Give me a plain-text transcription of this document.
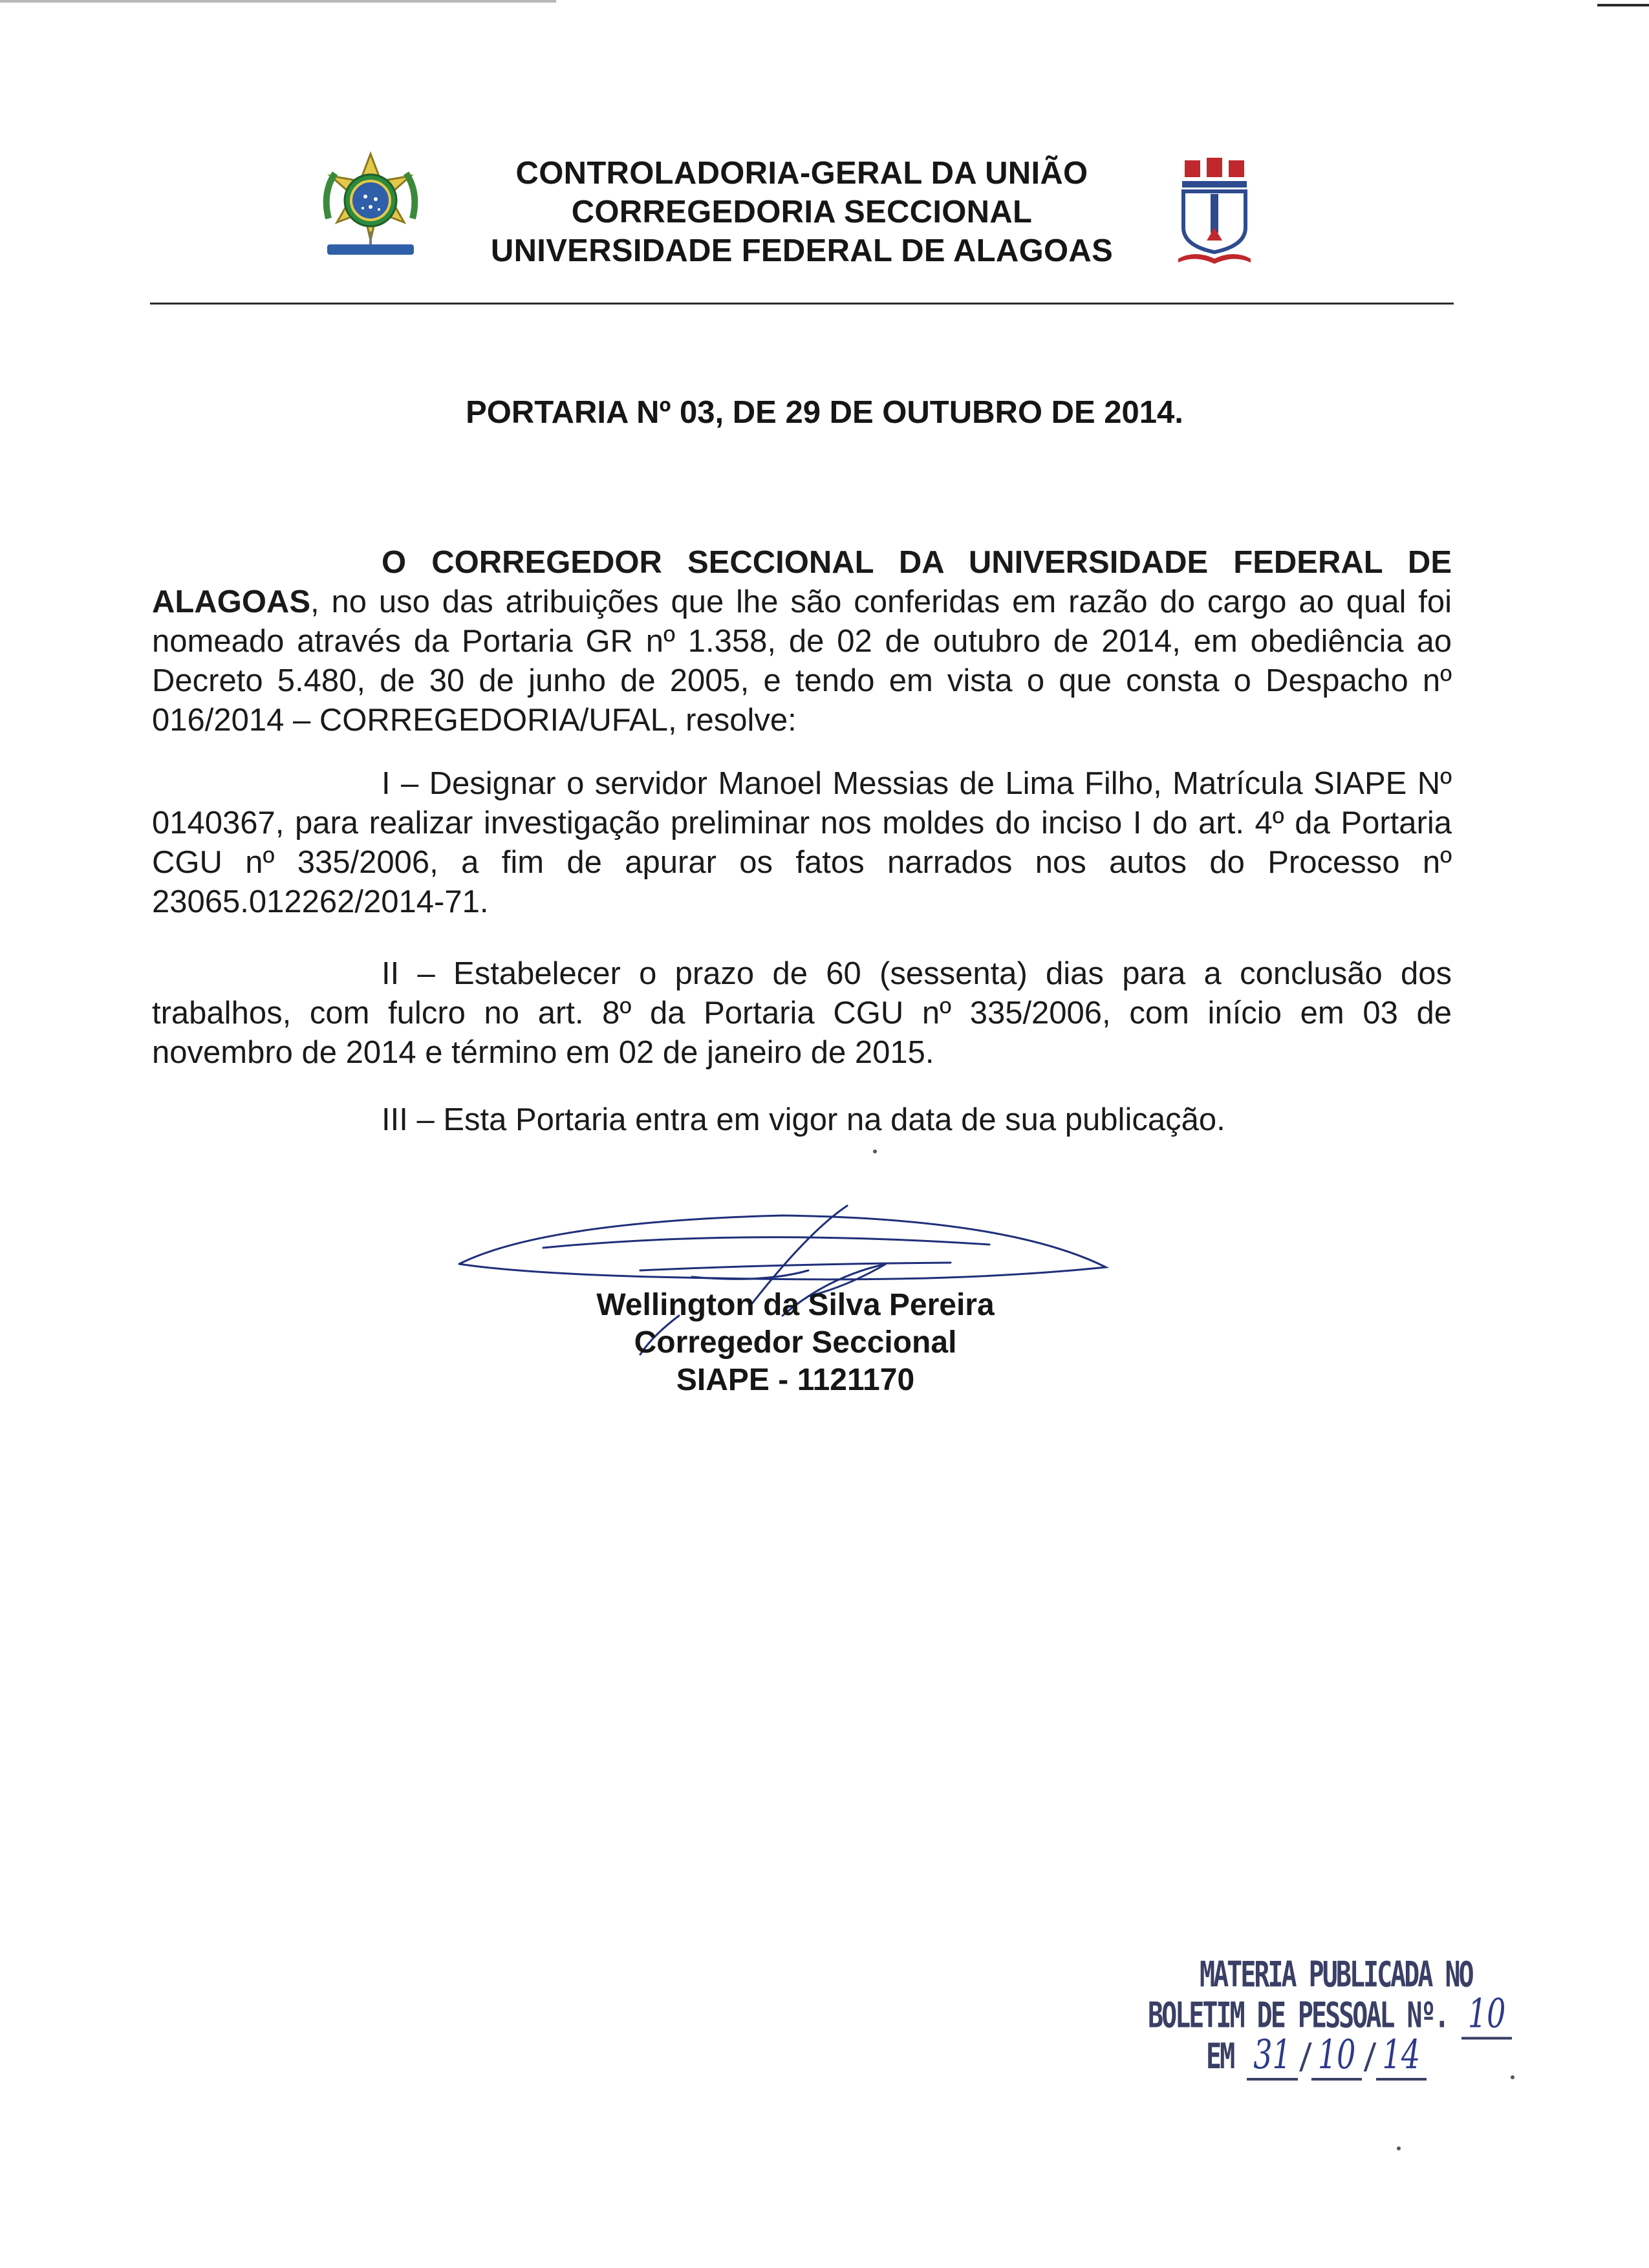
CONTROLADORIA-GERAL DA UNIÃO
CORREGEDORIA SECCIONAL
UNIVERSIDADE FEDERAL DE ALAGOAS
PORTARIA Nº 03, DE 29 DE OUTUBRO DE 2014.
O CORREGEDOR SECCIONAL DA UNIVERSIDADE FEDERAL DE ALAGOAS, no uso das atribuições que lhe são conferidas em razão do cargo ao qual foi nomeado através da Portaria GR nº 1.358, de 02 de outubro de 2014, em obediência ao Decreto 5.480, de 30 de junho de 2005, e tendo em vista o que consta o Despacho nº 016/2014 – CORREGEDORIA/UFAL, resolve:
I – Designar o servidor Manoel Messias de Lima Filho, Matrícula SIAPE Nº 0140367, para realizar investigação preliminar nos moldes do inciso I do art. 4º da Portaria CGU nº 335/2006, a fim de apurar os fatos narrados nos autos do Processo nº 23065.012262/2014-71.
II – Estabelecer o prazo de 60 (sessenta) dias para a conclusão dos trabalhos, com fulcro no art. 8º da Portaria CGU nº 335/2006, com início em 03 de novembro de 2014 e término em 02 de janeiro de 2015.
III – Esta Portaria entra em vigor na data de sua publicação.
Wellington da Silva Pereira
Corregedor Seccional
SIAPE - 1121170
MATERIA PUBLICADA NO
BOLETIM DE PESSOAL Nº. 10
EM 31 / 10 / 14
